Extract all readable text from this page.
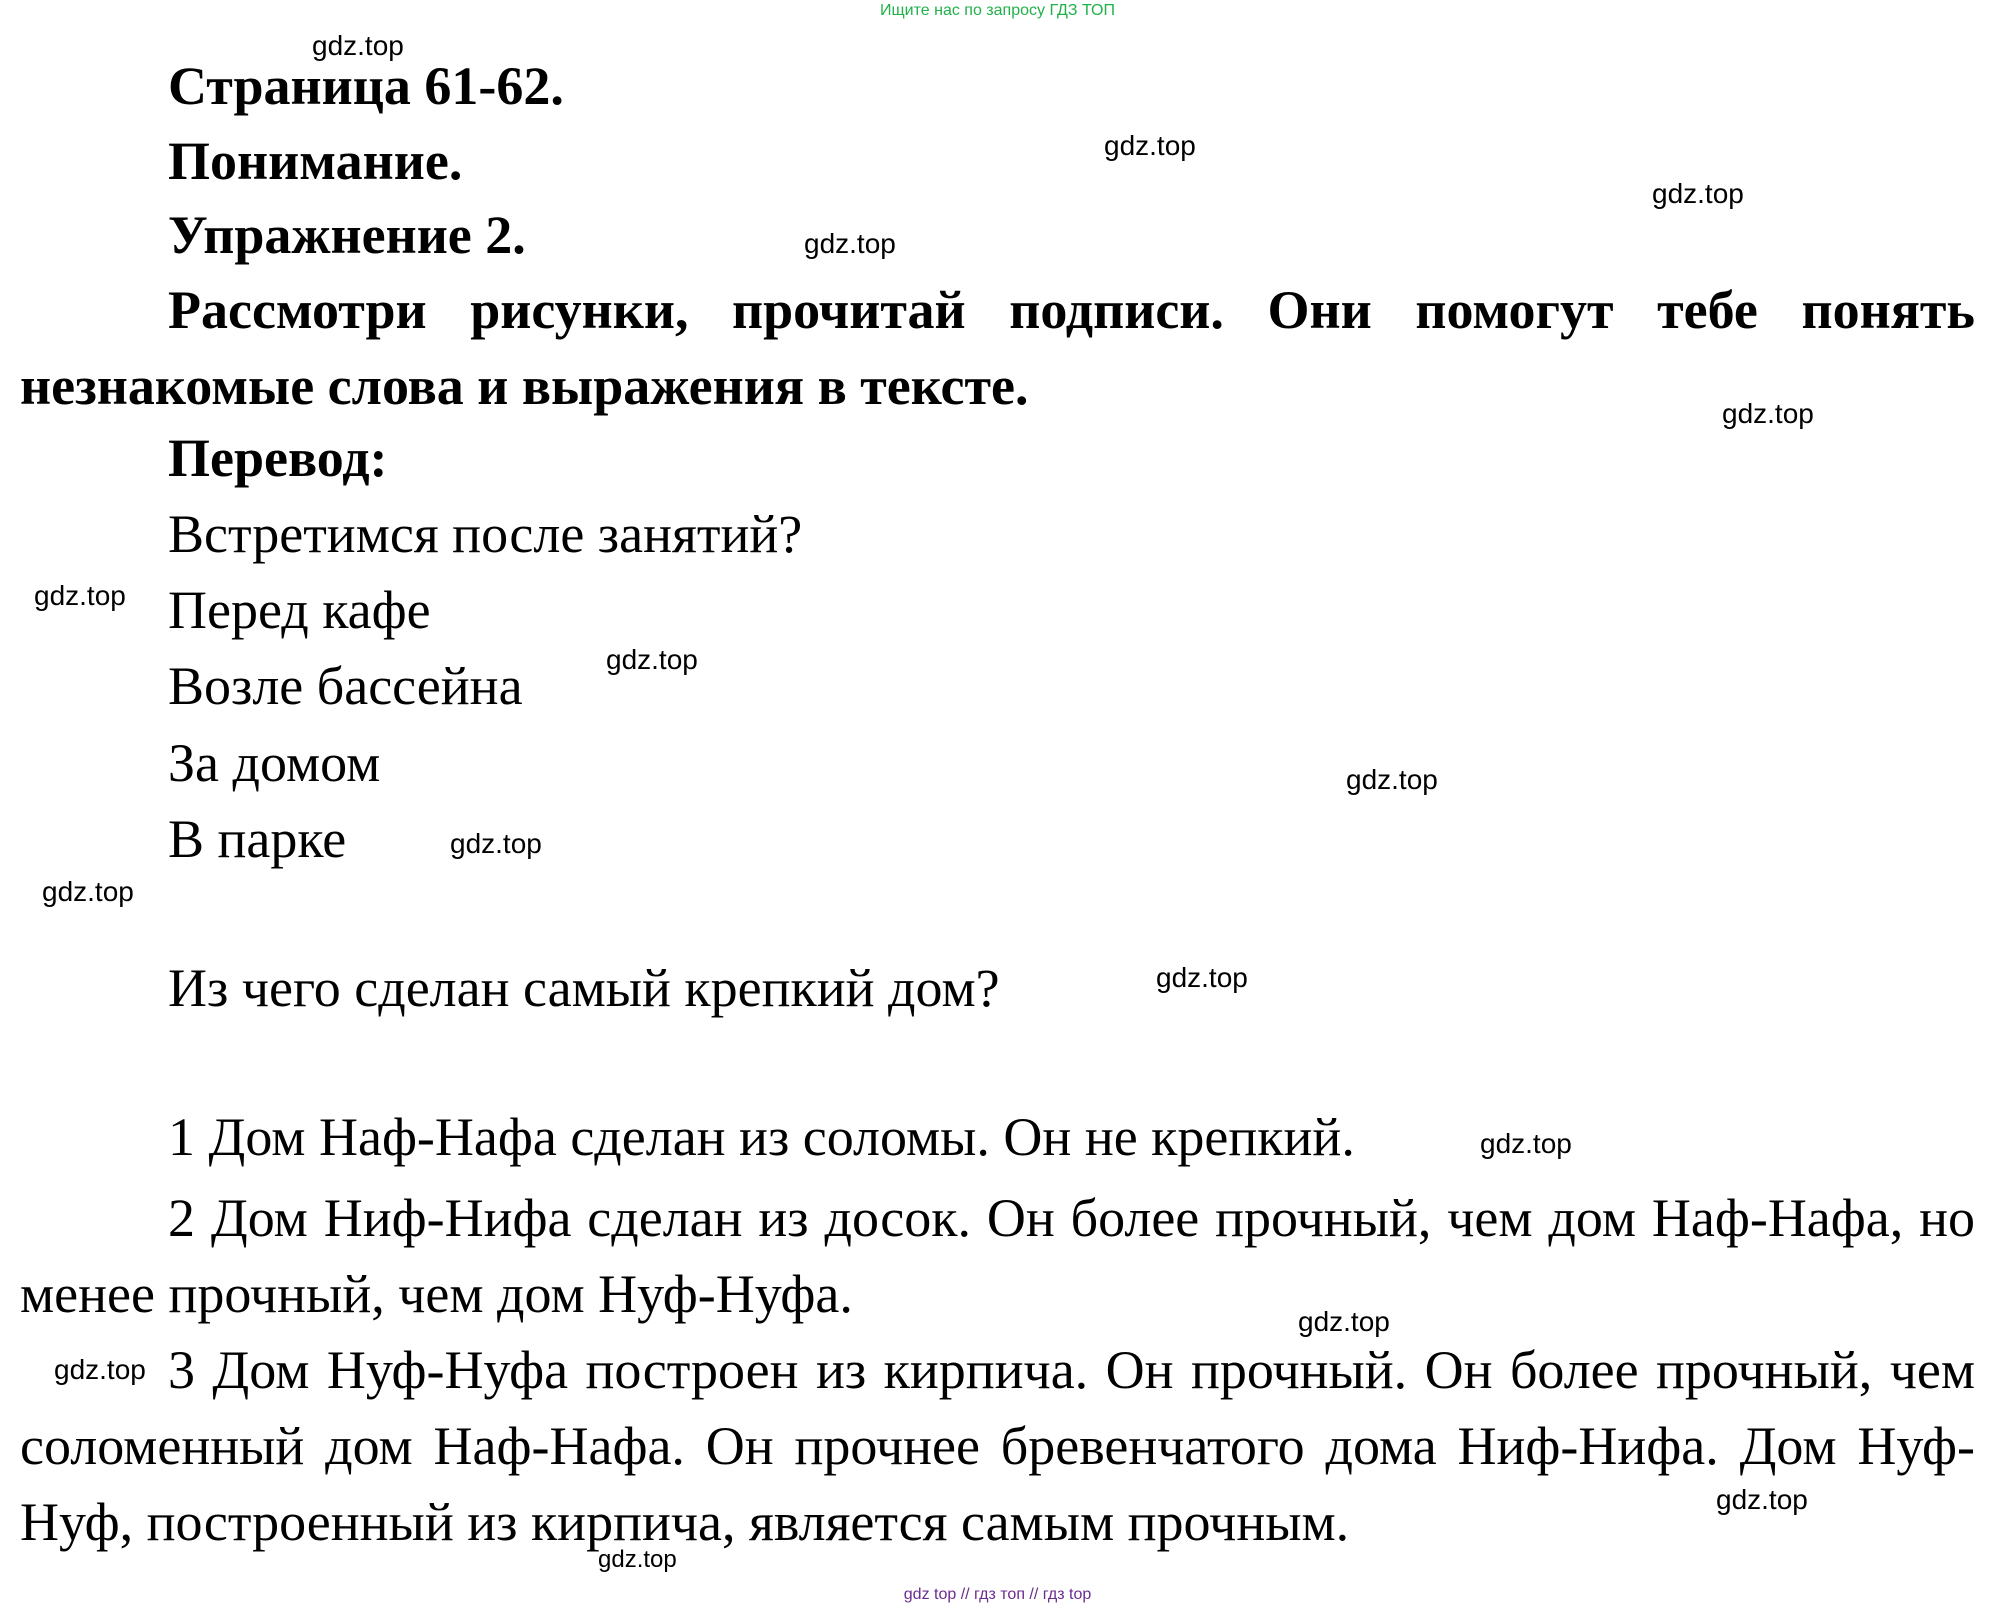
Ищите нас по запросу ГДЗ ТОП
Страница 61-62.
Понимание.
Упражнение 2.
Рассмотри рисунки, прочитай подписи. Они помогут тебе понять незнакомые слова и выражения в тексте.
Перевод:
Встретимся после занятий?
Перед кафе
Возле бассейна
За домом
В парке
Из чего сделан самый крепкий дом?
1 Дом Наф-Нафа сделан из соломы. Он не крепкий.
2 Дом Ниф-Нифа сделан из досок. Он более прочный, чем дом Наф-Нафа, но менее прочный, чем дом Нуф-Нуфа.
3 Дом Нуф-Нуфа построен из кирпича. Он прочный. Он более прочный, чем соломенный дом Наф-Нафа. Он прочнее бревенчатого дома Ниф-Нифа. Дом Нуф-Нуф, построенный из кирпича, является самым прочным.
gdz.top
gdz.top
gdz.top
gdz.top
gdz.top
gdz.top
gdz.top
gdz.top
gdz.top
gdz.top
gdz.top
gdz.top
gdz.top
gdz.top
gdz.top
gdz.top
gdz top // гдз топ // гдз top
